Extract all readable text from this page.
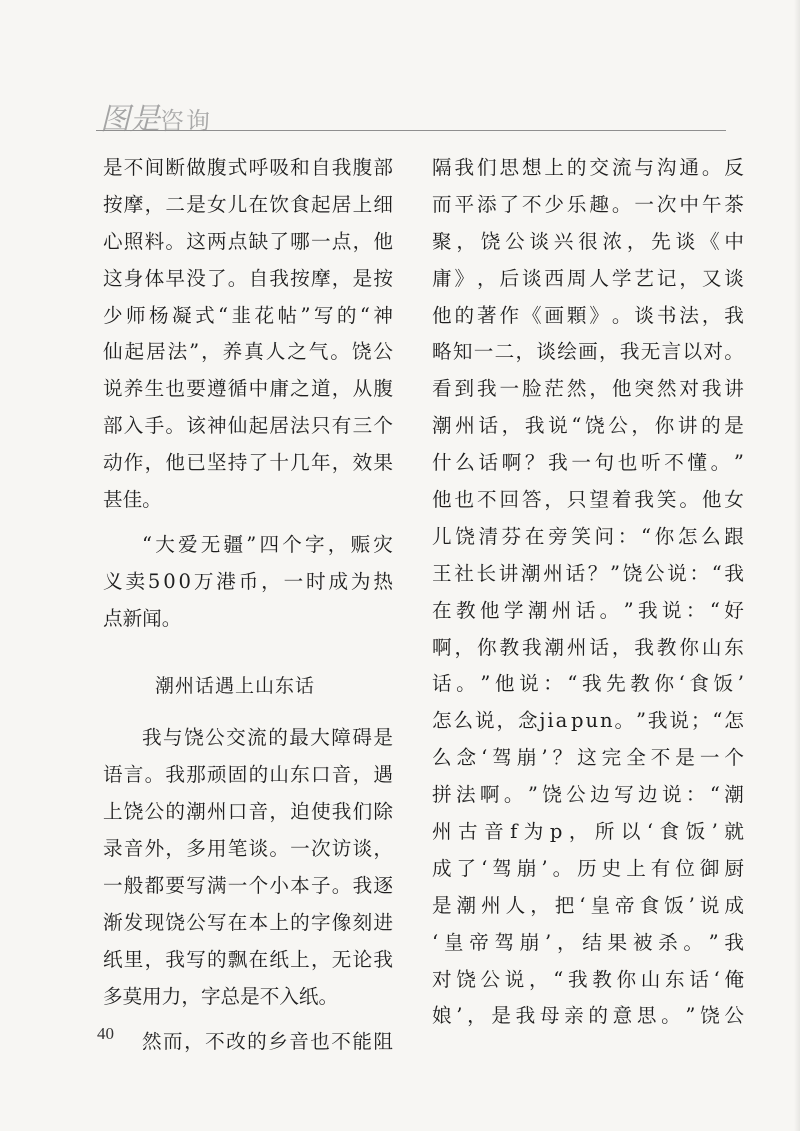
图是咨询
是 不 间 断 做 腹 式 呼 吸 和 自 我 腹 部
按 摩 ， 二 是 女 儿 在 饮 食 起 居 上 细
心 照 料 。 这 两 点 缺 了 哪 一 点 ， 他
这 身 体 早 没 了 。 自 我 按 摩 ， 是 按
少 师 杨 凝 式 “ 韭 花 帖 ” 写 的 “ 神
仙 起 居 法 ” ， 养 真 人 之 气 。 饶 公
说 养 生 也 要 遵 循 中 庸 之 道 ， 从 腹
部 入 手 。 该 神 仙 起 居 法 只 有 三 个
动 作 ， 他 已 坚 持 了 十 几 年 ， 效 果
甚佳。
“ 大 爱 无 疆 ” 四 个 字 ， 赈 灾
义 卖 5 0 0 万 港 币 ， 一 时 成 为 热
点新闻。
潮州话遇上山东话
我 与 饶 公 交 流 的 最 大 障 碍 是
语 言 。 我 那 顽 固 的 山 东 口 音 ， 遇
上 饶 公 的 潮 州 口 音 ， 迫 使 我 们 除
录 音 外 ， 多 用 笔 谈 。 一 次 访 谈 ，
一 般 都 要 写 满 一 个 小 本 子 。 我 逐
渐 发 现 饶 公 写 在 本 上 的 字 像 刻 进
纸 里 ， 我 写 的 飘 在 纸 上 ， 无 论 我
多莫用力，字总是不入纸。
然 而 ， 不 改 的 乡 音 也 不 能 阻
隔 我 们 思 想 上 的 交 流 与 沟 通 。 反
而 平 添 了 不 少 乐 趣 。 一 次 中 午 茶
聚 ， 饶 公 谈 兴 很 浓 ， 先 谈 《 中
庸 》 ， 后 谈 西 周 人 学 艺 记 ， 又 谈
他 的 著 作 《 画 顆 》 。 谈 书 法 ， 我
略 知 一 二 ， 谈 绘 画 ， 我 无 言 以 对 。
看 到 我 一 脸 茫 然 ， 他 突 然 对 我 讲
潮 州 话 ， 我 说 “ 饶 公 ， 你 讲 的 是
什 么 话 啊 ？ 我 一 句 也 听 不 懂 。 ”
他 也 不 回 答 ， 只 望 着 我 笑 。 他 女
儿 饶 清 芬 在 旁 笑 问 ： “ 你 怎 么 跟
王 社 长 讲 潮 州 话 ？ ” 饶 公 说 ： “ 我
在 教 他 学 潮 州 话 。 ” 我 说 ： “ 好
啊 ， 你 教 我 潮 州 话 ， 我 教 你 山 东
话 。 ” 他 说 ： “ 我 先 教 你 ‘ 食 饭 ’
怎 么 说 ， 念 j i a p u n 。 ” 我 说 ； “ 怎
么 念 ‘ 驾 崩 ’ ？ 这 完 全 不 是 一 个
拼 法 啊 。 ” 饶 公 边 写 边 说 ： “ 潮
州 古 音 f 为 p ， 所 以 ‘ 食 饭 ’ 就
成 了 ‘ 驾 崩 ’ 。 历 史 上 有 位 御 厨
是 潮 州 人 ， 把 ‘ 皇 帝 食 饭 ’ 说 成
‘ 皇 帝 驾 崩 ’ ， 结 果 被 杀 。 ” 我
对 饶 公 说 ， “ 我 教 你 山 东 话 ‘ 俺
娘 ’ ， 是 我 母 亲 的 意 思 。 ” 饶 公
40
